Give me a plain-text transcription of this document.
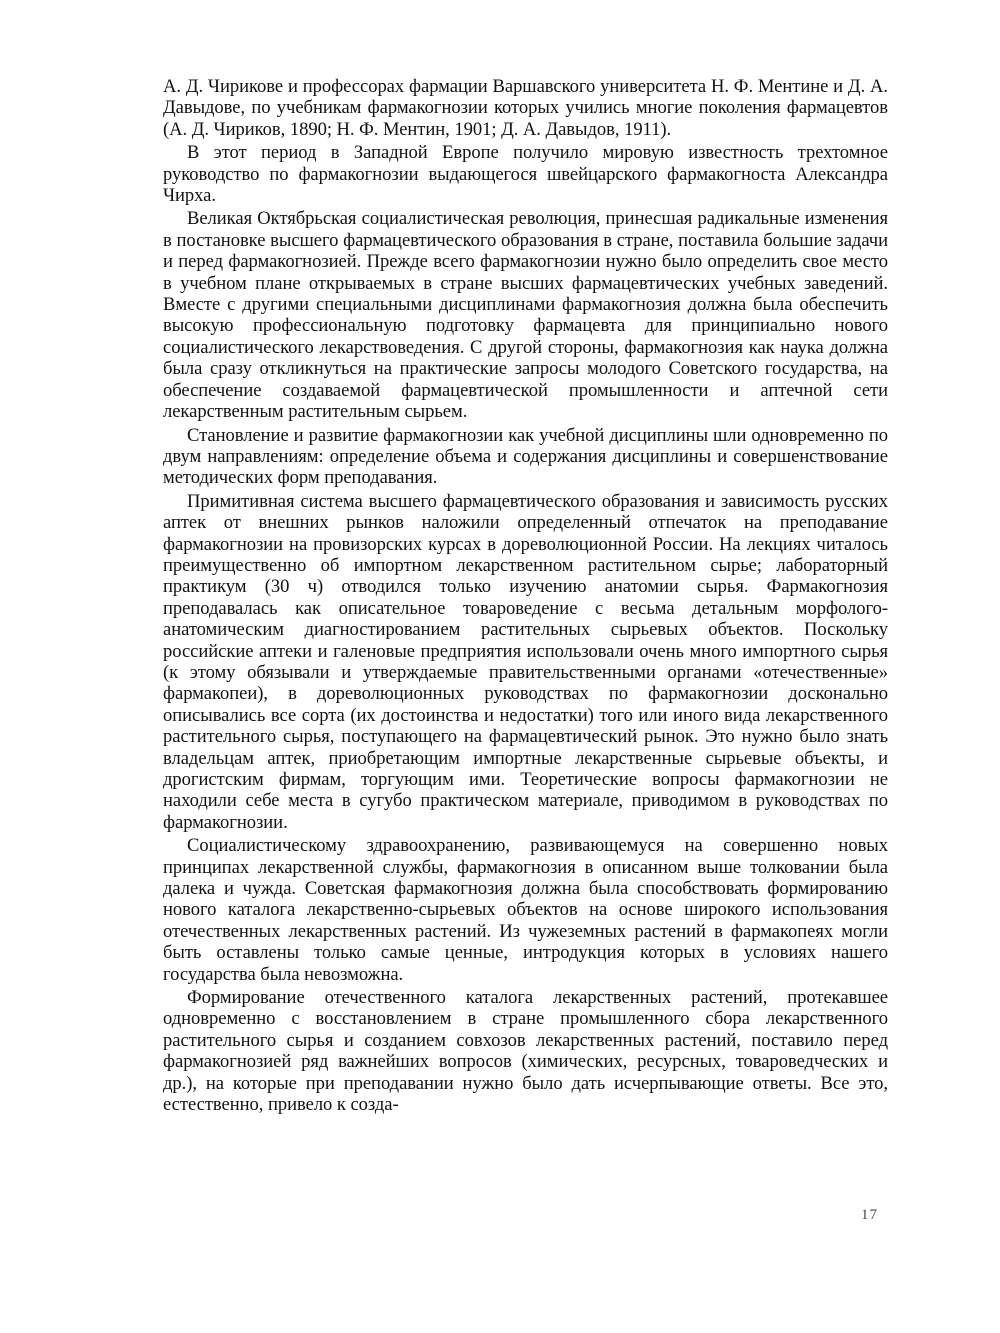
А. Д. Чирикове и профессорах фармации Варшавского университета Н. Ф. Ментине и Д. А. Давыдове, по учебникам фармакогнозии которых учились многие поколения фармацевтов (А. Д. Чириков, 1890; Н. Ф. Ментин, 1901; Д. А. Давыдов, 1911).

В этот период в Западной Европе получило мировую известность трехтомное руководство по фармакогнозии выдающегося швейцарского фармакогноста Александра Чирха.

Великая Октябрьская социалистическая революция, принесшая радикальные изменения в постановке высшего фармацевтического образования в стране, поставила большие задачи и перед фармакогнозией. Прежде всего фармакогнозии нужно было определить свое место в учебном плане открываемых в стране высших фармацевтических учебных заведений. Вместе с другими специальными дисциплинами фармакогнозия должна была обеспечить высокую профессиональную подготовку фармацевта для принципиально нового социалистического лекарствоведения. С другой стороны, фармакогнозия как наука должна была сразу откликнуться на практические запросы молодого Советского государства, на обеспечение создаваемой фармацевтической промышленности и аптечной сети лекарственным растительным сырьем.

Становление и развитие фармакогнозии как учебной дисциплины шли одновременно по двум направлениям: определение объема и содержания дисциплины и совершенствование методических форм преподавания.

Примитивная система высшего фармацевтического образования и зависимость русских аптек от внешних рынков наложили определенный отпечаток на преподавание фармакогнозии на провизорских курсах в дореволюционной России. На лекциях читалось преимущественно об импортном лекарственном растительном сырье; лабораторный практикум (30 ч) отводился только изучению анатомии сырья. Фармакогнозия преподавалась как описательное товароведение с весьма детальным морфолого-анатомическим диагностированием растительных сырьевых объектов. Поскольку российские аптеки и галеновые предприятия использовали очень много импортного сырья (к этому обязывали и утверждаемые правительственными органами «отечественные» фармакопеи), в дореволюционных руководствах по фармакогнозии досконально описывались все сорта (их достоинства и недостатки) того или иного вида лекарственного растительного сырья, поступающего на фармацевтический рынок. Это нужно было знать владельцам аптек, приобретающим импортные лекарственные сырьевые объекты, и дрогистским фирмам, торгующим ими. Теоретические вопросы фармакогнозии не находили себе места в сугубо практическом материале, приводимом в руководствах по фармакогнозии.

Социалистическому здравоохранению, развивающемуся на совершенно новых принципах лекарственной службы, фармакогнозия в описанном выше толковании была далека и чужда. Советская фармакогнозия должна была способствовать формированию нового каталога лекарственно-сырьевых объектов на основе широкого использования отечественных лекарственных растений. Из чужеземных растений в фармакопеях могли быть оставлены только самые ценные, интродукция которых в условиях нашего государства была невозможна.

Формирование отечественного каталога лекарственных растений, протекавшее одновременно с восстановлением в стране промышленного сбора лекарственного растительного сырья и созданием совхозов лекарственных растений, поставило перед фармакогнозией ряд важнейших вопросов (химических, ресурсных, товароведческих и др.), на которые при преподавании нужно было дать исчерпывающие ответы. Все это, естественно, привело к созда-

17
